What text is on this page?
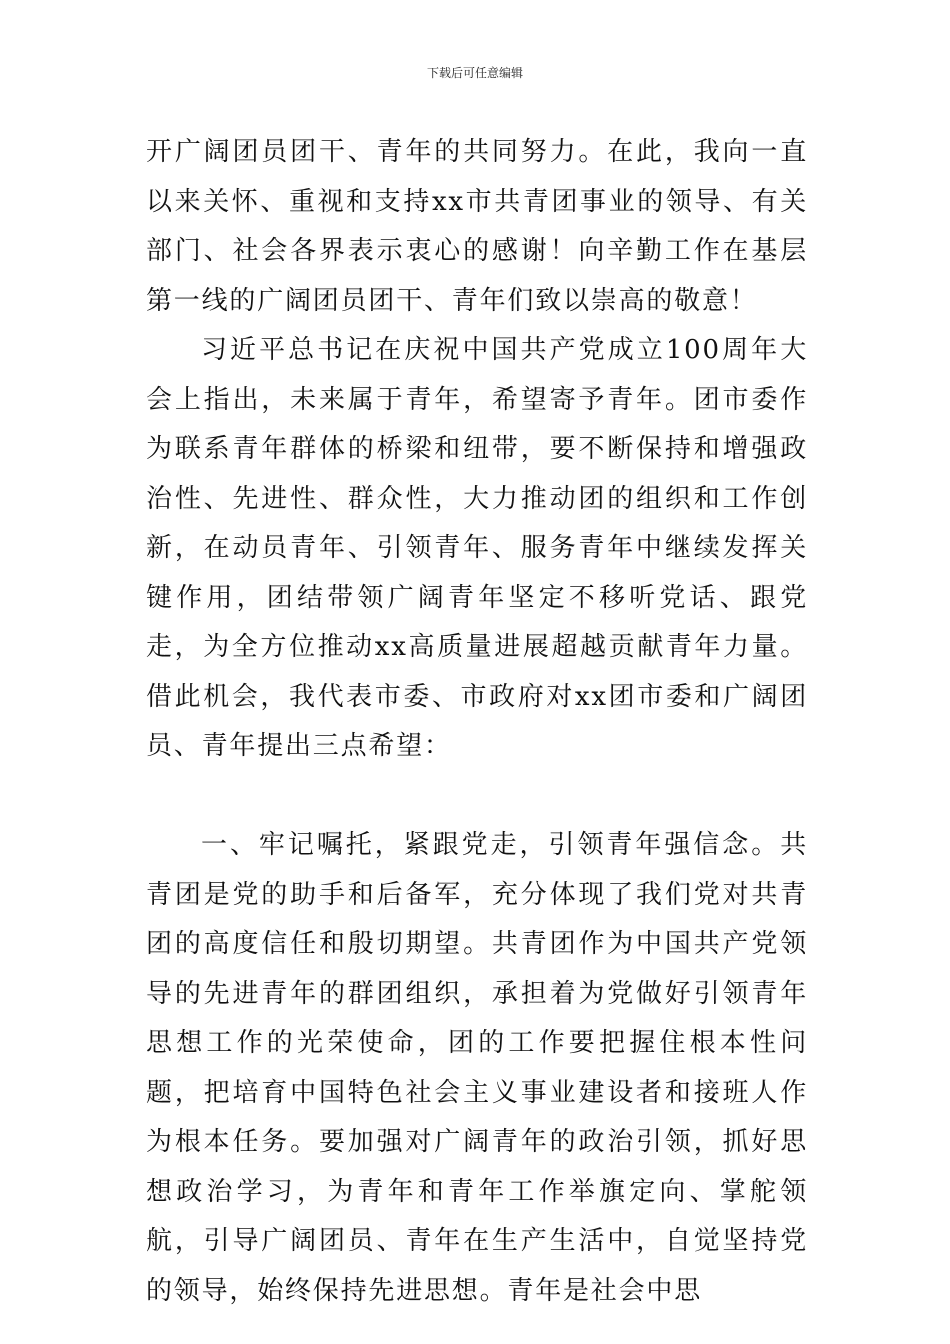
下载后可任意编辑

开广阔团员团干、青年的共同努力。在此，我向一直以来关怀、重视和支持xx市共青团事业的领导、有关部门、社会各界表示衷心的感谢！向辛勤工作在基层第一线的广阔团员团干、青年们致以崇高的敬意！

习近平总书记在庆祝中国共产党成立100周年大会上指出，未来属于青年，希望寄予青年。团市委作为联系青年群体的桥梁和纽带，要不断保持和增强政治性、先进性、群众性，大力推动团的组织和工作创新，在动员青年、引领青年、服务青年中继续发挥关键作用，团结带领广阔青年坚定不移听党话、跟党走，为全方位推动xx高质量进展超越贡献青年力量。借此机会，我代表市委、市政府对xx团市委和广阔团员、青年提出三点希望：

一、牢记嘱托，紧跟党走，引领青年强信念。共青团是党的助手和后备军，充分体现了我们党对共青团的高度信任和殷切期望。共青团作为中国共产党领导的先进青年的群团组织，承担着为党做好引领青年思想工作的光荣使命，团的工作要把握住根本性问题，把培育中国特色社会主义事业建设者和接班人作为根本任务。要加强对广阔青年的政治引领，抓好思想政治学习，为青年和青年工作举旗定向、掌舵领航，引导广阔团员、青年在生产生活中，自觉坚持党的领导，始终保持先进思想。青年是社会中思
